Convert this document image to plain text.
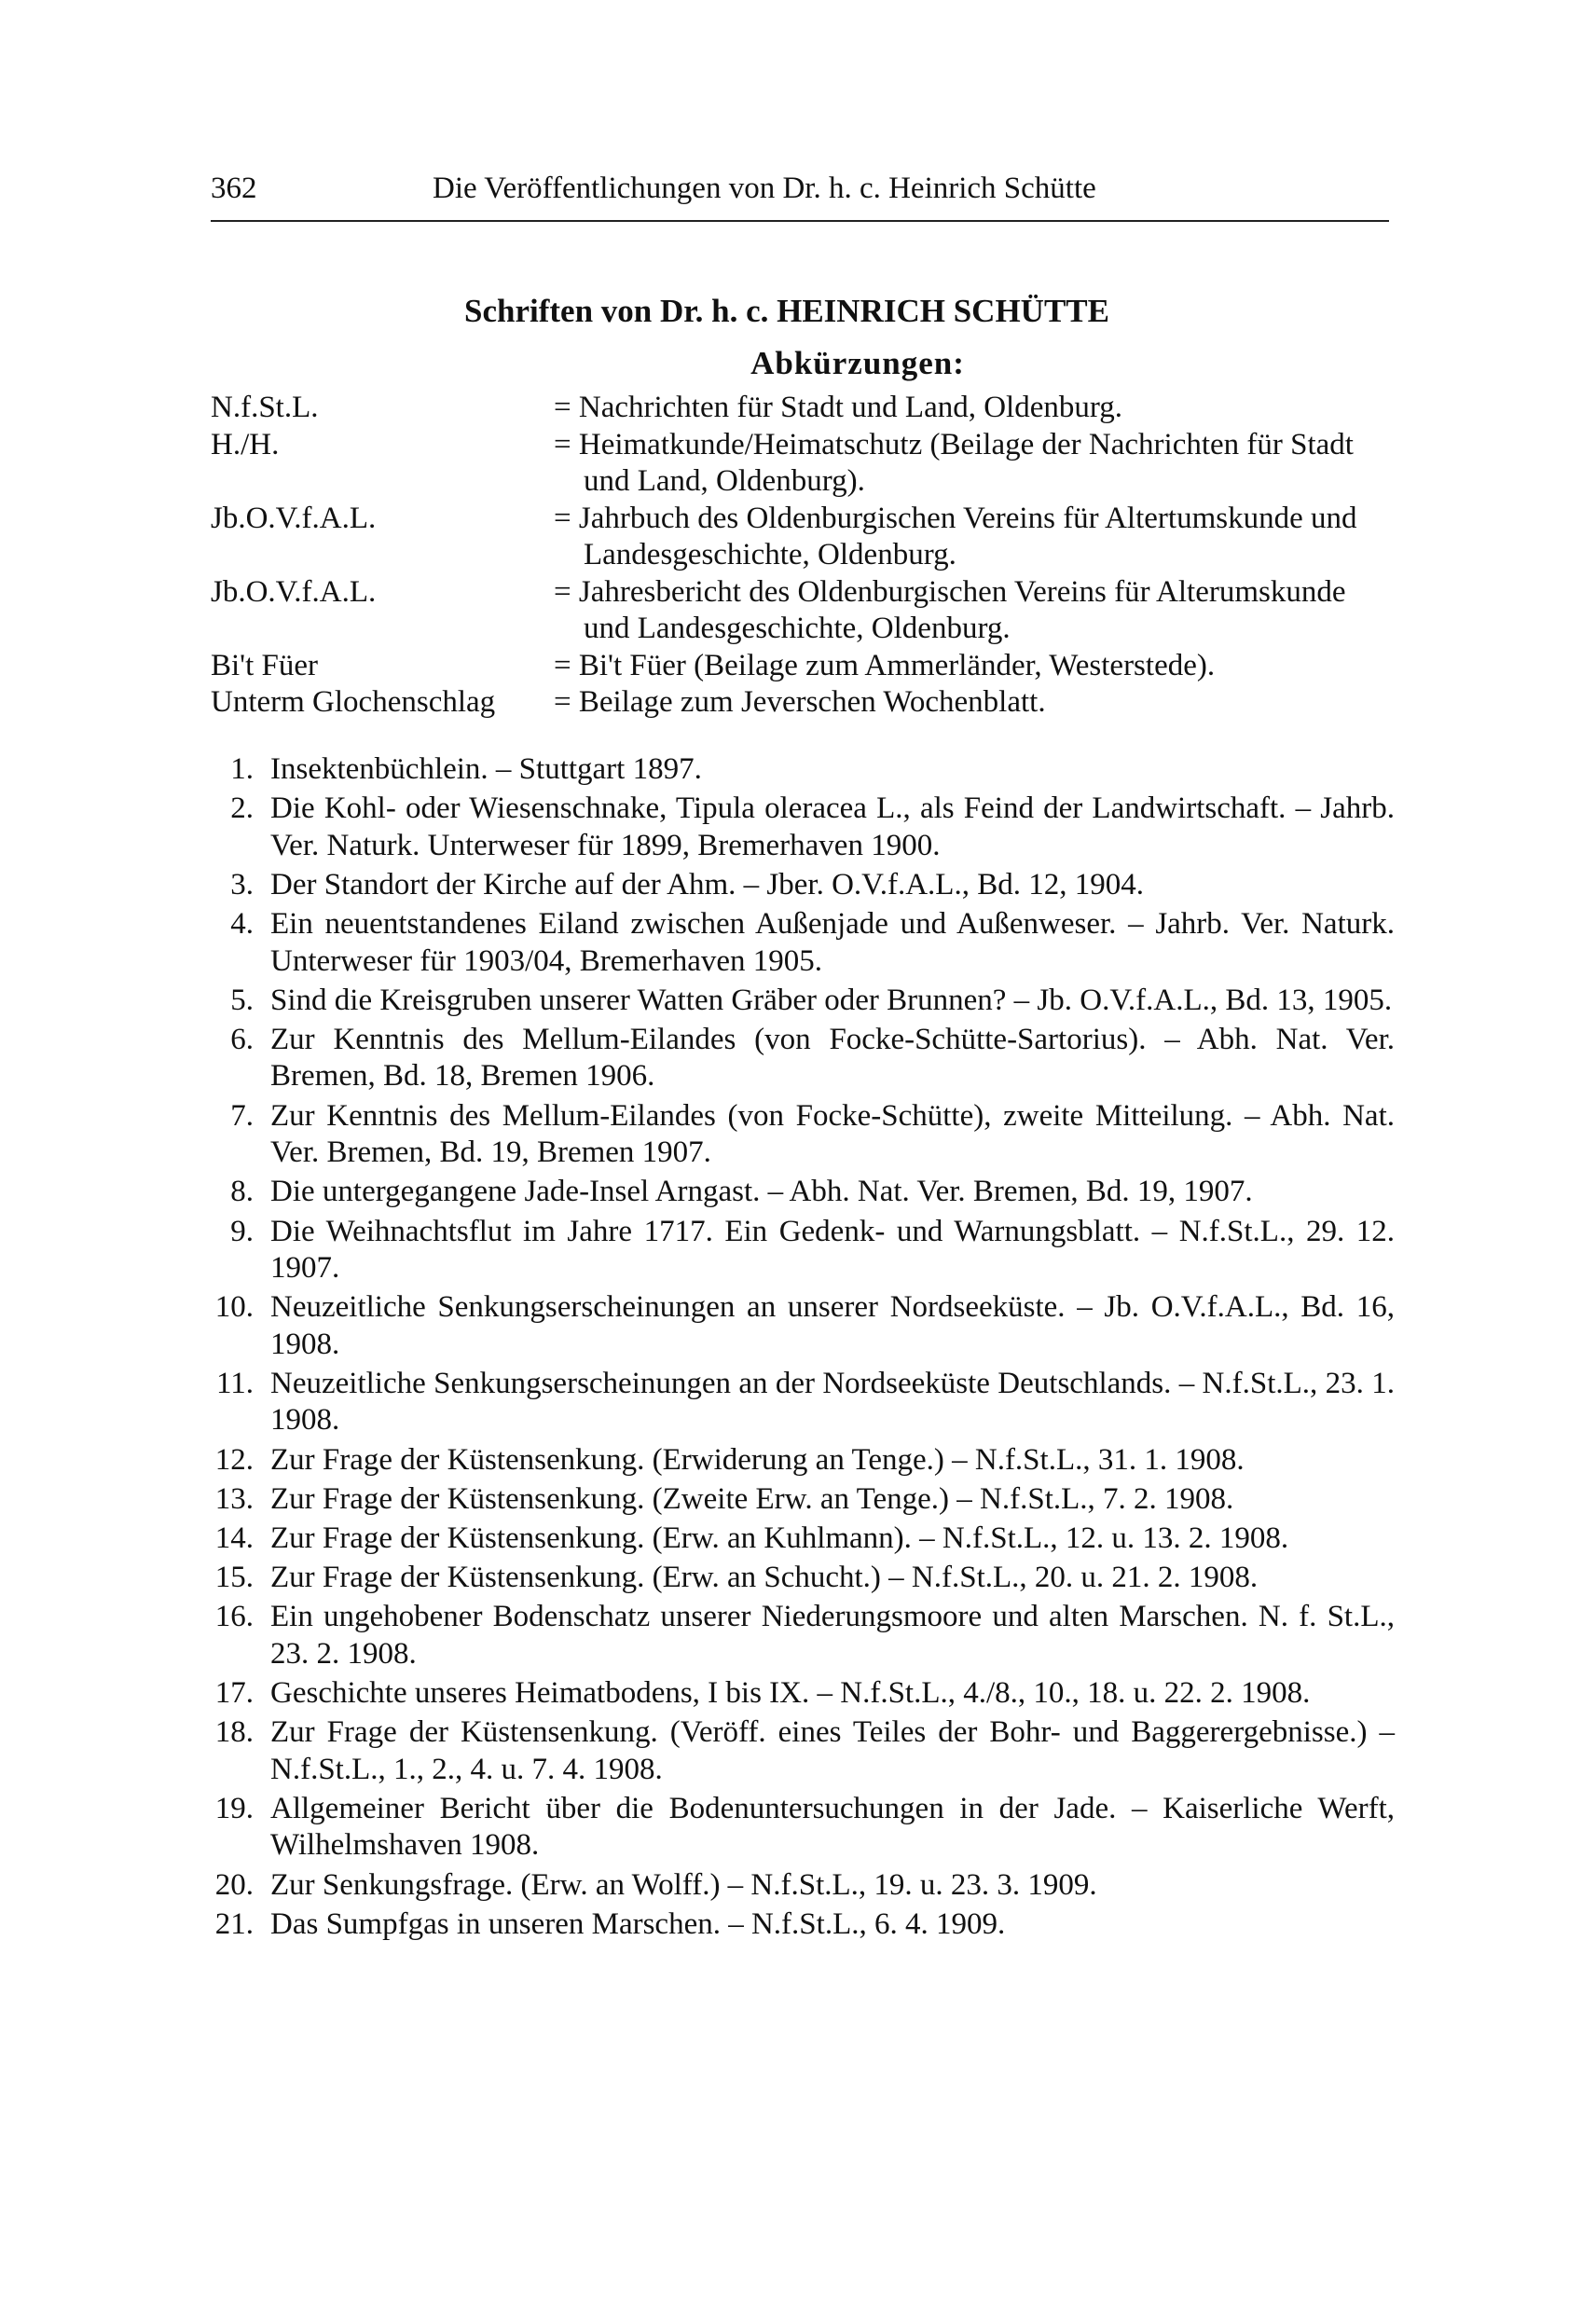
362	Die Veröffentlichungen von Dr. h. c. Heinrich Schütte
Schriften von Dr. h. c. HEINRICH SCHÜTTE
Abkürzungen:
N.f.St.L.	= Nachrichten für Stadt und Land, Oldenburg.
H./H.	= Heimatkunde/Heimatschutz (Beilage der Nachrichten für Stadt und Land, Oldenburg).
Jb.O.V.f.A.L.	= Jahrbuch des Oldenburgischen Vereins für Altertumskunde und Landesgeschichte, Oldenburg.
Jb.O.V.f.A.L.	= Jahresbericht des Oldenburgischen Vereins für Alterumskunde und Landesgeschichte, Oldenburg.
Bi't Füer	= Bi't Füer (Beilage zum Ammerländer, Westerstede).
Unterm Glochenschlag = Beilage zum Jeverschen Wochenblatt.
1. Insektenbüchlein. – Stuttgart 1897.
2. Die Kohl- oder Wiesenschnake, Tipula oleracea L., als Feind der Landwirtschaft. – Jahrb. Ver. Naturk. Unterweser für 1899, Bremerhaven 1900.
3. Der Standort der Kirche auf der Ahm. – Jber. O.V.f.A.L., Bd. 12, 1904.
4. Ein neuentstandenes Eiland zwischen Außenjade und Außenweser. – Jahrb. Ver. Naturk. Unterweser für 1903/04, Bremerhaven 1905.
5. Sind die Kreisgruben unserer Watten Gräber oder Brunnen? – Jb. O.V.f.A.L., Bd. 13, 1905.
6. Zur Kenntnis des Mellum-Eilandes (von Focke-Schütte-Sartorius). – Abh. Nat. Ver. Bremen, Bd. 18, Bremen 1906.
7. Zur Kenntnis des Mellum-Eilandes (von Focke-Schütte), zweite Mitteilung. – Abh. Nat. Ver. Bremen, Bd. 19, Bremen 1907.
8. Die untergegangene Jade-Insel Arngast. – Abh. Nat. Ver. Bremen, Bd. 19, 1907.
9. Die Weihnachtsflut im Jahre 1717. Ein Gedenk- und Warnungsblatt. – N.f.St.L., 29. 12. 1907.
10. Neuzeitliche Senkungserscheinungen an unserer Nordseeküste. – Jb. O.V.f.A.L., Bd. 16, 1908.
11. Neuzeitliche Senkungserscheinungen an der Nordseeküste Deutschlands. – N.f.St.L., 23. 1. 1908.
12. Zur Frage der Küstensenkung. (Erwiderung an Tenge.) – N.f.St.L., 31. 1. 1908.
13. Zur Frage der Küstensenkung. (Zweite Erw. an Tenge.) – N.f.St.L., 7. 2. 1908.
14. Zur Frage der Küstensenkung. (Erw. an Kuhlmann). – N.f.St.L., 12. u. 13. 2. 1908.
15. Zur Frage der Küstensenkung. (Erw. an Schucht.) – N.f.St.L., 20. u. 21. 2. 1908.
16. Ein ungehobener Bodenschatz unserer Niederungsmoore und alten Marschen. N. f. St.L., 23. 2. 1908.
17. Geschichte unseres Heimatbodens, I bis IX. – N.f.St.L., 4./8., 10., 18. u. 22. 2. 1908.
18. Zur Frage der Küstensenkung. (Veröff. eines Teiles der Bohr- und Baggerergebnisse.) – N.f.St.L., 1., 2., 4. u. 7. 4. 1908.
19. Allgemeiner Bericht über die Bodenuntersuchungen in der Jade. – Kaiserliche Werft, Wilhelmshaven 1908.
20. Zur Senkungsfrage. (Erw. an Wolff.) – N.f.St.L., 19. u. 23. 3. 1909.
21. Das Sumpfgas in unseren Marschen. – N.f.St.L., 6. 4. 1909.
